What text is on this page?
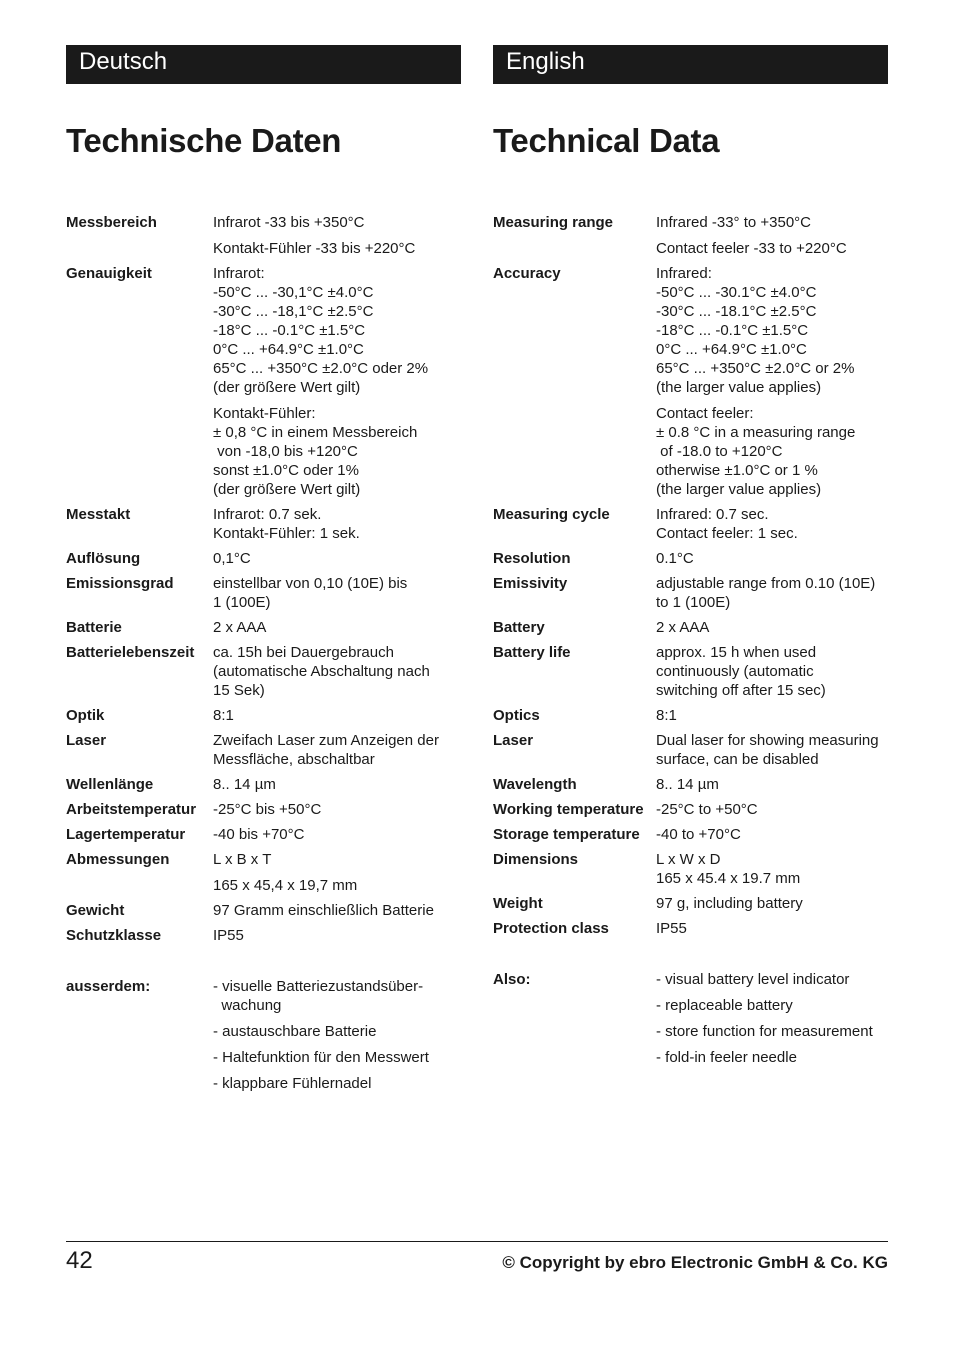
Deutsch
Technische Daten
Messbereich	Infrarot -33 bis +350°C
Kontakt-Fühler -33 bis +220°C
Genauigkeit	Infrarot:
-50°C ... -30,1°C ±4.0°C
-30°C ... -18,1°C ±2.5°C
-18°C ... -0.1°C ±1.5°C
0°C ... +64.9°C ±1.0°C
65°C ... +350°C ±2.0°C oder 2%
(der größere Wert gilt)
Kontakt-Fühler:
± 0,8 °C in einem Messbereich
von -18,0 bis +120°C
sonst ±1.0°C oder 1%
(der größere Wert gilt)
Messtakt	Infrarot: 0.7 sek.
Kontakt-Fühler: 1 sek.
Auflösung	0,1°C
Emissionsgrad	einstellbar von 0,10 (10E) bis
1 (100E)
Batterie	2 x AAA
Batterielebenszeit	ca. 15h bei Dauergebrauch
(automatische Abschaltung nach
15 Sek)
Optik	8:1
Laser	Zweifach Laser zum Anzeigen der
Messfläche, abschaltbar
Wellenlänge	8.. 14 µm
Arbeitstemperatur	-25°C bis +50°C
Lagertemperatur	-40 bis +70°C
Abmessungen	L x B x T
165 x 45,4 x 19,7 mm
Gewicht	97 Gramm einschließlich Batterie
Schutzklasse	IP55
ausserdem:	- visuelle Batteriezustandsüber-
wachung
- austauschbare Batterie
- Haltefunktion für den Messwert
- klappbare Fühlernadel
English
Technical Data
Measuring range	Infrared -33° to +350°C
Contact feeler -33 to +220°C
Accuracy	Infrared:
-50°C ... -30.1°C ±4.0°C
-30°C ... -18.1°C ±2.5°C
-18°C ... -0.1°C ±1.5°C
0°C ... +64.9°C ±1.0°C
65°C ... +350°C ±2.0°C or 2%
(the larger value applies)
Contact feeler:
± 0.8 °C in a measuring range
of -18.0 to +120°C
otherwise ±1.0°C or 1 %
(the larger value applies)
Measuring cycle	Infrared: 0.7 sec.
Contact feeler: 1 sec.
Resolution	0.1°C
Emissivity	adjustable range from 0.10 (10E)
to 1 (100E)
Battery	2 x AAA
Battery life	approx. 15 h when used
continuously (automatic
switching off after 15 sec)
Optics	8:1
Laser	Dual laser for showing measuring
surface, can be disabled
Wavelength	8.. 14 µm
Working temperature -25°C to +50°C
Storage temperature	-40 to +70°C
Dimensions	L x W x D
165 x 45.4 x 19.7 mm
Weight	97 g, including battery
Protection class	IP55
Also:	- visual battery level indicator
- replaceable battery
- store function for measurement
- fold-in feeler needle
42	© Copyright by ebro Electronic GmbH & Co. KG
